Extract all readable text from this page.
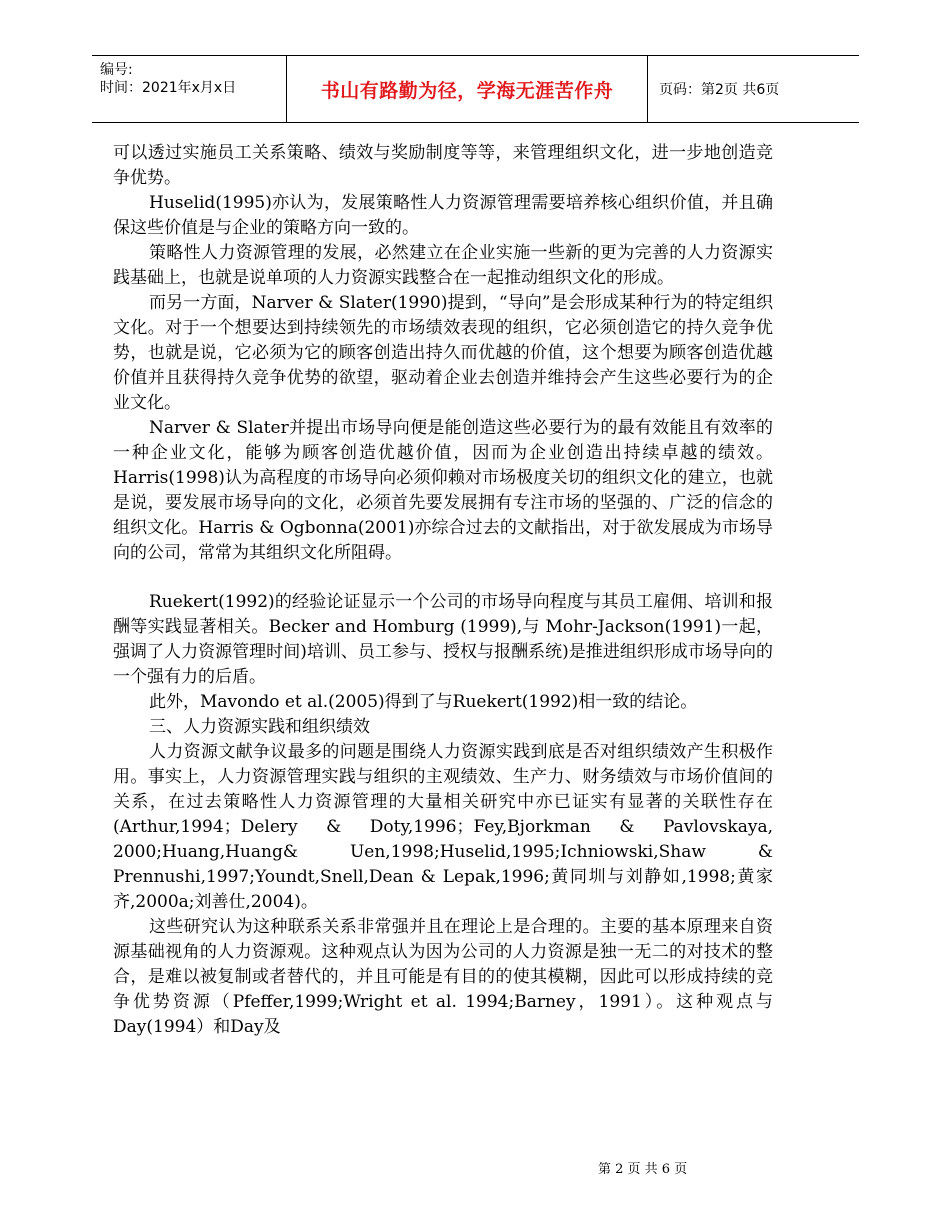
编号:
时间：2021年x月x日	书山有路勤为径，学海无涯苦作舟	页码：第2页 共6页

可以透过实施员工关系策略、绩效与奖励制度等等，来管理组织文化，进一步地创造竞争优势。

Huselid(1995)亦认为，发展策略性人力资源管理需要培养核心组织价值，并且确保这些价值是与企业的策略方向一致的。

策略性人力资源管理的发展，必然建立在企业实施一些新的更为完善的人力资源实践基础上，也就是说单项的人力资源实践整合在一起推动组织文化的形成。

而另一方面，Narver & Slater(1990)提到，“导向”是会形成某种行为的特定组织文化。对于一个想要达到持续领先的市场绩效表现的组织，它必须创造它的持久竞争优势，也就是说，它必须为它的顾客创造出持久而优越的价值，这个想要为顾客创造优越价值并且获得持久竞争优势的欲望，驱动着企业去创造并维持会产生这些必要行为的企业文化。

Narver & Slater并提出市场导向便是能创造这些必要行为的最有效能且有效率的一种企业文化，能够为顾客创造优越价值，因而为企业创造出持续卓越的绩效。Harris(1998)认为高程度的市场导向必须仰赖对市场极度关切的组织文化的建立，也就是说，要发展市场导向的文化，必须首先要发展拥有专注市场的坚强的、广泛的信念的组织文化。Harris & Ogbonna(2001)亦综合过去的文献指出，对于欲发展成为市场导向的公司，常常为其组织文化所阻碍。

Ruekert(1992)的经验论证显示一个公司的市场导向程度与其员工雇佣、培训和报酬等实践显著相关。Becker and Homburg (1999),与 Mohr-Jackson(1991)一起，强调了人力资源管理时间)培训、员工参与、授权与报酬系统)是推进组织形成市场导向的一个强有力的后盾。

此外，Mavondo et al.(2005)得到了与Ruekert(1992)相一致的结论。

三、人力资源实践和组织绩效

人力资源文献争议最多的问题是围绕人力资源实践到底是否对组织绩效产生积极作用。事实上，人力资源管理实践与组织的主观绩效、生产力、财务绩效与市场价值间的关系，在过去策略性人力资源管理的大量相关研究中亦已证实有显著的关联性存在(Arthur,1994；Delery & Doty,1996；Fey,Bjorkman & Pavlovskaya, 2000;Huang,Huang& Uen,1998;Huselid,1995;Ichniowski,Shaw & Prennushi,1997;Youndt,Snell,Dean & Lepak,1996;黄同圳与刘静如,1998;黄家齐,2000a;刘善仕,2004)。

这些研究认为这种联系关系非常强并且在理论上是合理的。主要的基本原理来自资源基础视角的人力资源观。这种观点认为因为公司的人力资源是独一无二的对技术的整合，是难以被复制或者替代的，并且可能是有目的的使其模糊，因此可以形成持续的竞争优势资源（Pfeffer,1999;Wright et al. 1994;Barney，1991）。这种观点与Day(1994）和Day及

第 2 页 共 6 页
